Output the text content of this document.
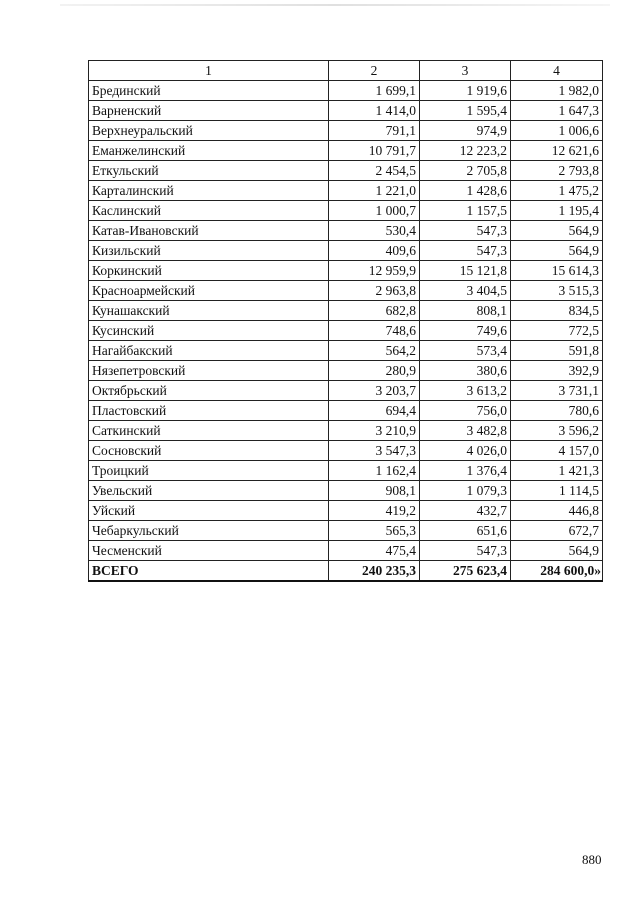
1	2	3	4
Брединский	1 699,1	1 919,6	1 982,0
Варненский	1 414,0	1 595,4	1 647,3
Верхнеуральский	791,1	974,9	1 006,6
Еманжелинский	10 791,7	12 223,2	12 621,6
Еткульский	2 454,5	2 705,8	2 793,8
Карталинский	1 221,0	1 428,6	1 475,2
Каслинский	1 000,7	1 157,5	1 195,4
Катав-Ивановский	530,4	547,3	564,9
Кизильский	409,6	547,3	564,9
Коркинский	12 959,9	15 121,8	15 614,3
Красноармейский	2 963,8	3 404,5	3 515,3
Кунашакский	682,8	808,1	834,5
Кусинский	748,6	749,6	772,5
Нагайбакский	564,2	573,4	591,8
Нязепетровский	280,9	380,6	392,9
Октябрьский	3 203,7	3 613,2	3 731,1
Пластовский	694,4	756,0	780,6
Саткинский	3 210,9	3 482,8	3 596,2
Сосновский	3 547,3	4 026,0	4 157,0
Троицкий	1 162,4	1 376,4	1 421,3
Увельский	908,1	1 079,3	1 114,5
Уйский	419,2	432,7	446,8
Чебаркульский	565,3	651,6	672,7
Чесменский	475,4	547,3	564,9
ВСЕГО	240 235,3	275 623,4	284 600,0»
880
